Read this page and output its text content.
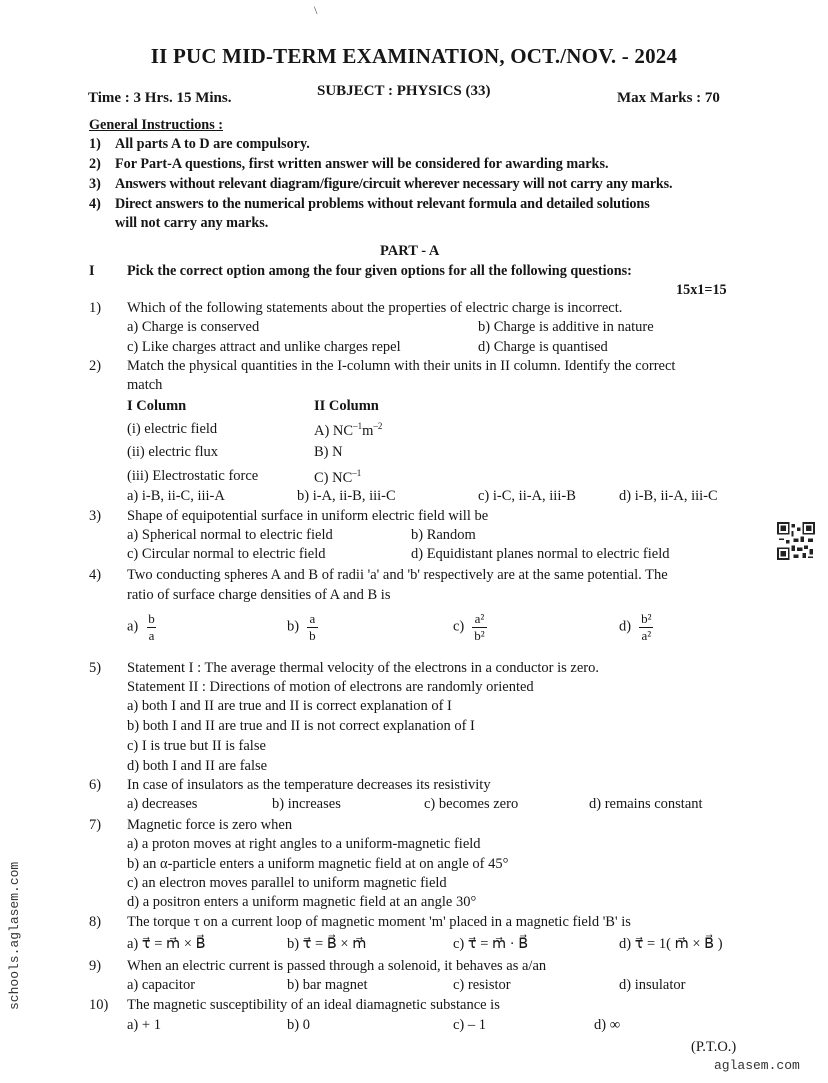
\
II PUC MID-TERM EXAMINATION, OCT./NOV. - 2024
Time : 3 Hrs. 15 Mins.	SUBJECT : PHYSICS (33)	Max Marks : 70
General Instructions :
1) All parts A to D are compulsory.
2) For Part-A questions, first written answer will be considered for awarding marks.
3) Answers without relevant diagram/figure/circuit wherever necessary will not carry any marks.
4) Direct answers to the numerical problems without relevant formula and detailed solutions
will not carry any marks.
PART - A
I Pick the correct option among the four given options for all the following questions:
15x1=15
1) Which of the following statements about the properties of electric charge is incorrect.
a) Charge is conserved	b) Charge is additive in nature
c) Like charges attract and unlike charges repel	d) Charge is quantised
2) Match the physical quantities in the I-column with their units in II column. Identify the correct
match
I Column	II Column
(i) electric field	A) $NC^{-1}m^{-2}$
(ii) electric flux	B) N
(iii) Electrostatic force	C) $NC^{-1}$
a) i-B, ii-C, iii-A	b) i-A, ii-B, iii-C	c) i-C, ii-A, iii-B	d) i-B, ii-A, iii-C
3) Shape of equipotential surface in uniform electric field will be
a) Spherical normal to electric field	b) Random
c) Circular normal to electric field	d) Equidistant planes normal to electric field
4) Two conducting spheres A and B of radii 'a' and 'b' respectively are at the same potential. The
ratio of surface charge densities of A and B is
$a) \frac{b}{a}$	$b) \frac{a}{b}$	$c) \frac{\text{a²}}{\text{b²}}$	$d) \frac{\text{b²}}{\text{a²}}$
5) Statement I : The average thermal velocity of the electrons in a conductor is zero.
Statement II : Directions of motion of electrons are randomly oriented
a) both I and II are true and II is correct explanation of I
b) both I and II are true and II is not correct explanation of I
c) I is true but II is false
d) both I and II are false
6) In case of insulators as the temperature decreases its resistivity
a) decreases	b) increases	c) becomes zero	d) remains constant
7) Magnetic force is zero when
a) a proton moves at right angles to a uniform-magnetic field
b) an α-particle enters a uniform magnetic field at on angle of 45°
c) an electron moves parallel to uniform magnetic field
d) a positron enters a uniform magnetic field at an angle 30°
8) The torque τ on a current loop of magnetic moment 'm' placed in a magnetic field 'B' is
a) τ⃗ = m⃗ × B⃗	b) τ⃗ = B⃗ × m⃗	c) τ⃗ = m⃗ · B⃗	d) τ⃗ = 1( m⃗ × B⃗ )
9) When an electric current is passed through a solenoid, it behaves as a/an
a) capacitor	b) bar magnet	c) resistor	d) insulator
10) The magnetic susceptibility of an ideal diamagnetic substance is
a) + 1	b) 0	c) – 1	d) ∞
(P.T.O.)
schools.aglasem.com
aglasem.com
